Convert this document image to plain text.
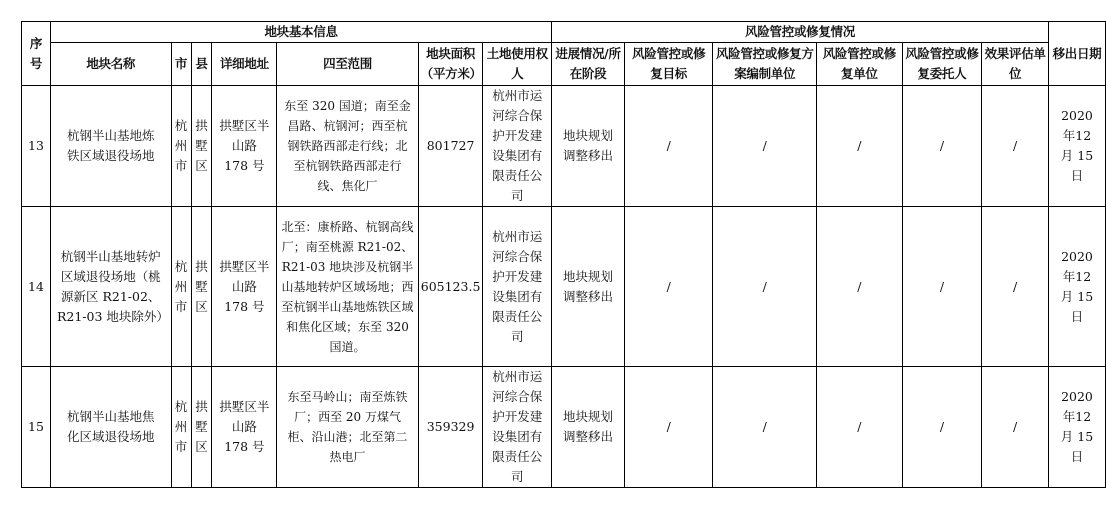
序号	地块基本信息							风险管控或修复情况						移出日期
	地块名称	市	县	详细地址	四至范围	地块面积（平方米）	土地使用权人	进展情况/所在阶段	风险管控或修复目标	风险管控或修复方案编制单位	风险管控或修复单位	风险管控或修复委托人	效果评估单位	
13	杭钢半山基地炼铁区域退役场地	杭州市	拱墅区	拱墅区半山路 178 号	东至 320 国道；南至金昌路、杭钢河；西至杭钢铁路西部走行线；北至杭钢铁路西部走行线、焦化厂	801727	杭州市运河综合保护开发建设集团有限责任公司	地块规划调整移出	/	/	/	/	/	2020 年12 月 15日
14	杭钢半山基地转炉区域退役场地（桃源新区 R21-02、R21-03 地块除外）	杭州市	拱墅区	拱墅区半山路 178 号	北至：康桥路、杭钢高线厂；南至桃源 R21-02、R21-03 地块涉及杭钢半山基地转炉区域场地；西至杭钢半山基地炼铁区域和焦化区域；东至 320 国道。	605123.5	杭州市运河综合保护开发建设集团有限责任公司	地块规划调整移出	/	/	/	/	/	2020 年12 月 15日
15	杭钢半山基地焦化区域退役场地	杭州市	拱墅区	拱墅区半山路 178 号	东至马岭山；南至炼铁厂；西至 20 万煤气柜、沿山港；北至第二热电厂	359329	杭州市运河综合保护开发建设集团有限责任公司	地块规划调整移出	/	/	/	/	/	2020 年12 月 15日
